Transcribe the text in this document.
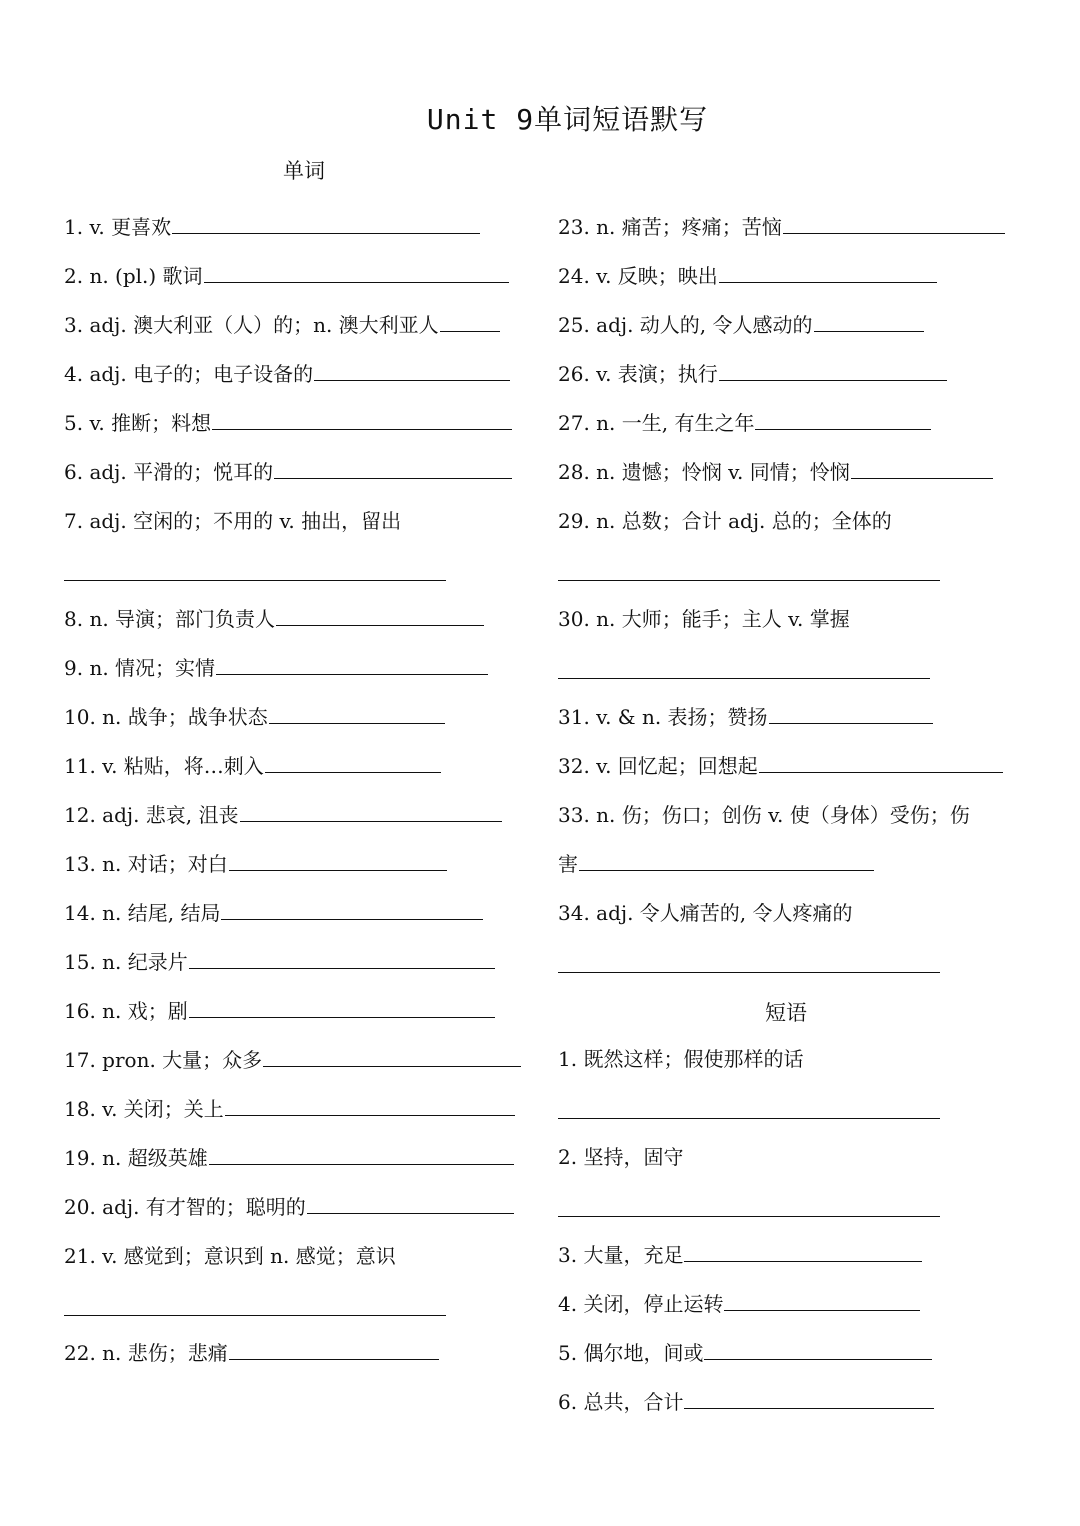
Unit 9单词短语默写
单词
短语
1. v. 更喜欢
2. n. (pl.) 歌词
3. adj. 澳大利亚（人）的；n. 澳大利亚人
4. adj. 电子的；电子设备的
5. v. 推断；料想
6. adj. 平滑的；悦耳的
7. adj. 空闲的；不用的 v. 抽出，留出
8. n. 导演；部门负责人
9. n. 情况；实情
10. n. 战争；战争状态
11. v. 粘贴，将…刺入
12. adj. 悲哀, 沮丧
13. n. 对话；对白
14. n. 结尾, 结局
15. n. 纪录片
16. n. 戏；剧
17. pron. 大量；众多
18. v. 关闭；关上
19. n. 超级英雄
20. adj. 有才智的；聪明的
21. v. 感觉到；意识到 n. 感觉；意识
22. n. 悲伤；悲痛
23. n. 痛苦；疼痛；苦恼
24. v. 反映；映出
25. adj. 动人的, 令人感动的
26. v. 表演；执行
27. n. 一生, 有生之年
28. n. 遗憾；怜悯 v. 同情；怜悯
29. n. 总数；合计 adj. 总的；全体的
30. n. 大师；能手；主人 v. 掌握
31. v. & n. 表扬；赞扬
32. v. 回忆起；回想起
33. n. 伤；伤口；创伤 v. 使（身体）受伤；伤
害
34. adj. 令人痛苦的, 令人疼痛的
1. 既然这样；假使那样的话
2. 坚持，固守
3. 大量，充足
4. 关闭，停止运转
5. 偶尔地，间或
6. 总共，合计
